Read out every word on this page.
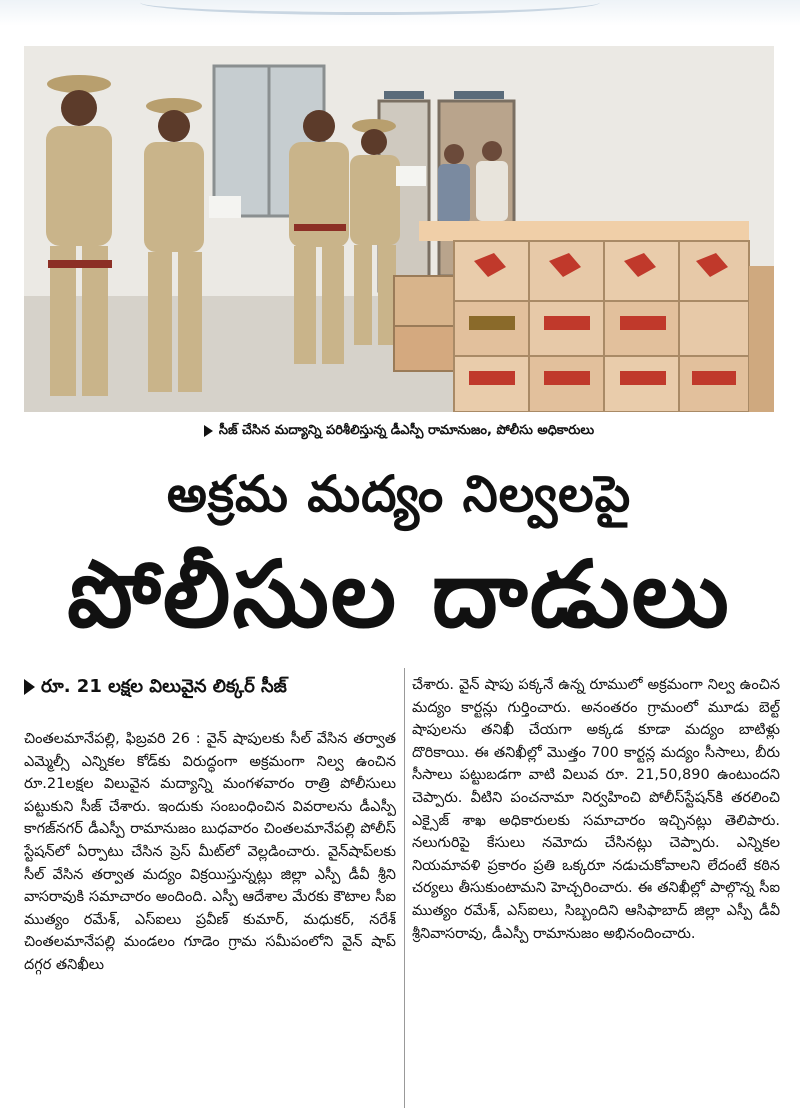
సీజ్ చేసిన మద్యాన్ని పరిశీలిస్తున్న డీఎస్పీ రామానుజం, పోలీసు అధికారులు
అక్రమ మద్యం నిల్వలపై
పోలీసుల దాడులు
రూ. 21 లక్షల విలువైన లిక్కర్ సీజ్

చింతలమానేపల్లి, ఫిబ్రవరి 26 : వైన్ షాపులకు సీల్ వేసిన తర్వాత ఎమ్మెల్సీ ఎన్నికల కోడ్‌కు విరుద్ధంగా అక్రమంగా నిల్వ ఉంచిన రూ.21లక్షల విలువైన మద్యాన్ని మంగళవారం రాత్రి పోలీసులు పట్టుకుని సీజ్ చేశారు. ఇందుకు సంబంధించిన వివరాలను డీఎస్పీ కాగజ్‌నగర్ డీఎస్పీ రామానుజం బుధవారం చింతలమానేపల్లి పోలీస్ స్టేషన్‌లో ఏర్పాటు చేసిన ప్రెస్ మీట్‌లో వెల్లడించారు. వైన్‌షాప్‌లకు సీల్ వేసిన తర్వాత మద్యం విక్రయిస్తున్నట్లు జిల్లా ఎస్పీ డీవీ శ్రీని వాసరావుకి సమాచారం అందింది. ఎస్పీ ఆదేశాల మేరకు కౌటాల సీఐ ముత్యం రమేశ్, ఎస్ఐలు ప్రవీణ్ కుమార్, మధుకర్, నరేశ్ చింతలమానేపల్లి మండలం గూడెం గ్రామ సమీపంలోని వైన్ షాప్ దగ్గర తనిఖీలు

చేశారు. వైన్ షాపు పక్కనే ఉన్న రూములో అక్రమంగా నిల్వ ఉంచిన మద్యం కార్టన్లు గుర్తించారు. అనంతరం గ్రామంలో మూడు బెల్ట్ షాపులను తనిఖీ చేయగా అక్కడ కూడా మద్యం బాటిళ్లు దొరికాయి. ఈ తనిఖీల్లో మొత్తం 700 కార్టన్ల మద్యం సీసాలు, బీరు సీసాలు పట్టుబడగా వాటి విలువ రూ. 21,50,890 ఉంటుందని చెప్పారు. వీటిని పంచనామా నిర్వహించి పోలీస్‌స్టేషన్‌కి తరలించి ఎక్సైజ్ శాఖ అధికారులకు సమాచారం ఇచ్చినట్లు తెలిపారు. నలుగురిపై కేసులు నమోదు చేసినట్లు చెప్పారు. ఎన్నికల నియమావళి ప్రకారం ప్రతి ఒక్కరూ నడుచుకోవాలని లేదంటే కఠిన చర్యలు తీసుకుంటామని హెచ్చరించారు. ఈ తనిఖీల్లో పాల్గొన్న సీఐ ముత్యం రమేశ్, ఎస్ఐలు, సిబ్బందిని ఆసిఫాబాద్ జిల్లా ఎస్పీ డీవీ శ్రీనివాసరావు, డీఎస్పీ రామానుజం అభినందించారు.
